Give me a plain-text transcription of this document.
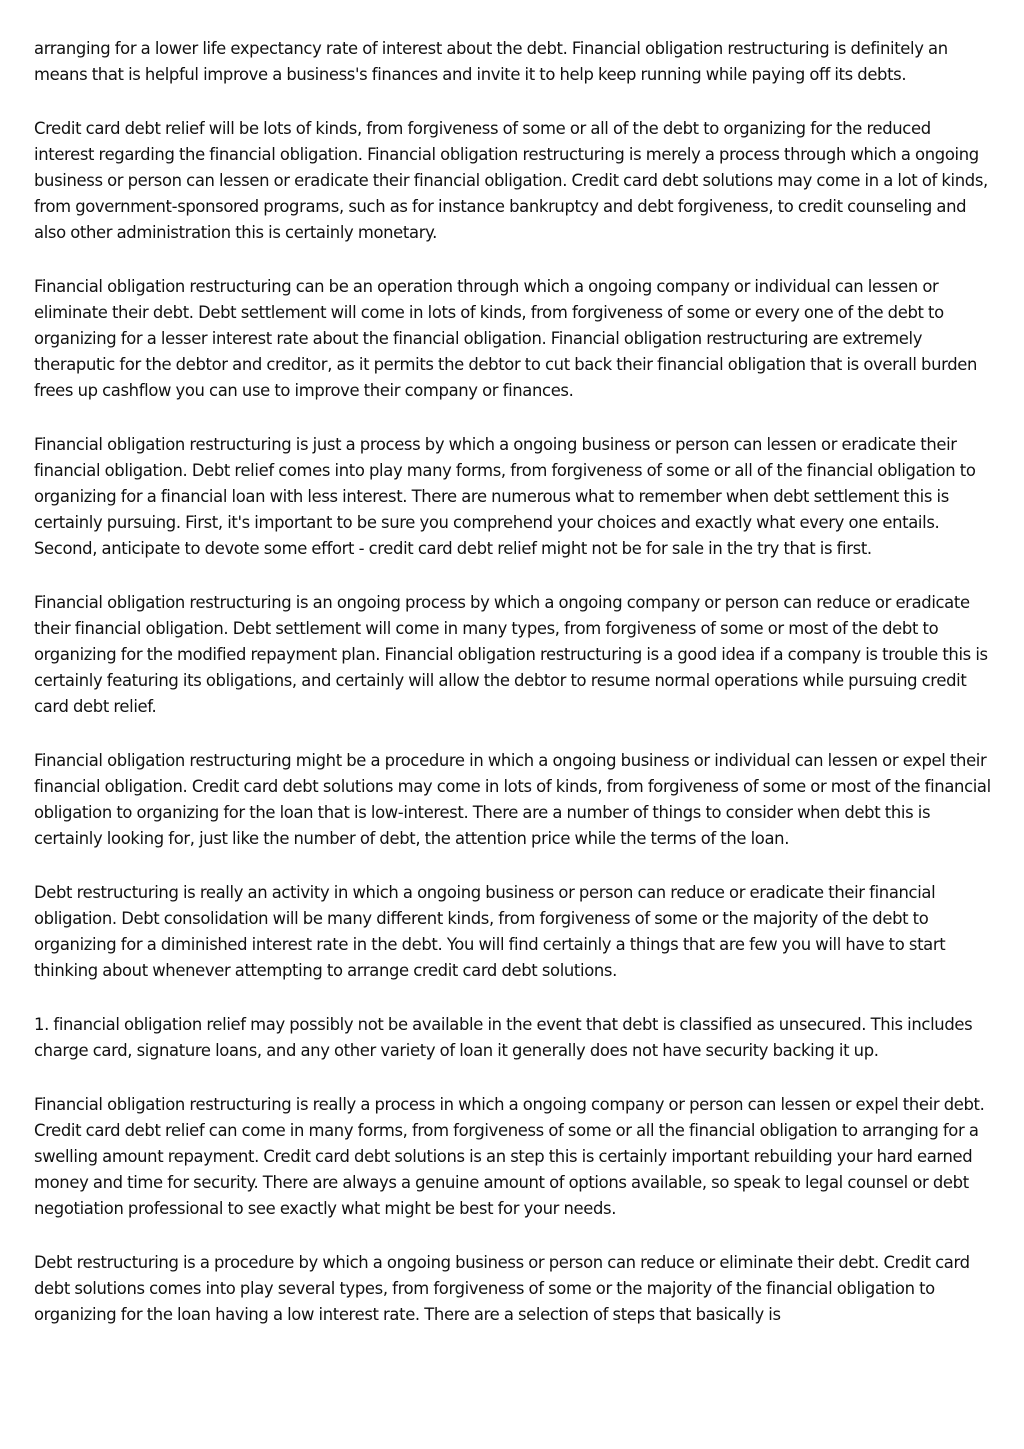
arranging for a lower life expectancy rate of interest about the debt. Financial obligation restructuring is definitely an means that is helpful improve a business's finances and invite it to help keep running while paying off its debts.

Credit card debt relief will be lots of kinds, from forgiveness of some or all of the debt to organizing for the reduced interest regarding the financial obligation. Financial obligation restructuring is merely a process through which a ongoing business or person can lessen or eradicate their financial obligation. Credit card debt solutions may come in a lot of kinds, from government-sponsored programs, such as for instance bankruptcy and debt forgiveness, to credit counseling and also other administration this is certainly monetary.

Financial obligation restructuring can be an operation through which a ongoing company or individual can lessen or eliminate their debt. Debt settlement will come in lots of kinds, from forgiveness of some or every one of the debt to organizing for a lesser interest rate about the financial obligation. Financial obligation restructuring are extremely theraputic for the debtor and creditor, as it permits the debtor to cut back their financial obligation that is overall burden frees up cashflow you can use to improve their company or finances.

Financial obligation restructuring is just a process by which a ongoing business or person can lessen or eradicate their financial obligation. Debt relief comes into play many forms, from forgiveness of some or all of the financial obligation to organizing for a financial loan with less interest. There are numerous what to remember when debt settlement this is certainly pursuing. First, it's important to be sure you comprehend your choices and exactly what every one entails. Second, anticipate to devote some effort - credit card debt relief might not be for sale in the try that is first.

Financial obligation restructuring is an ongoing process by which a ongoing company or person can reduce or eradicate their financial obligation. Debt settlement will come in many types, from forgiveness of some or most of the debt to organizing for the modified repayment plan. Financial obligation restructuring is a good idea if a company is trouble this is certainly featuring its obligations, and certainly will allow the debtor to resume normal operations while pursuing credit card debt relief.

Financial obligation restructuring might be a procedure in which a ongoing business or individual can lessen or expel their financial obligation. Credit card debt solutions may come in lots of kinds, from forgiveness of some or most of the financial obligation to organizing for the loan that is low-interest. There are a number of things to consider when debt this is certainly looking for, just like the number of debt, the attention price while the terms of the loan.

Debt restructuring is really an activity in which a ongoing business or person can reduce or eradicate their financial obligation. Debt consolidation will be many different kinds, from forgiveness of some or the majority of the debt to organizing for a diminished interest rate in the debt. You will find certainly a things that are few you will have to start thinking about whenever attempting to arrange credit card debt solutions.

1. financial obligation relief may possibly not be available in the event that debt is classified as unsecured. This includes charge card, signature loans, and any other variety of loan it generally does not have security backing it up.

Financial obligation restructuring is really a process in which a ongoing company or person can lessen or expel their debt. Credit card debt relief can come in many forms, from forgiveness of some or all the financial obligation to arranging for a swelling amount repayment. Credit card debt solutions is an step this is certainly important rebuilding your hard earned money and time for security. There are always a genuine amount of options available, so speak to legal counsel or debt negotiation professional to see exactly what might be best for your needs.

Debt restructuring is a procedure by which a ongoing business or person can reduce or eliminate their debt. Credit card debt solutions comes into play several types, from forgiveness of some or the majority of the financial obligation to organizing for the loan having a low interest rate. There are a selection of steps that basically is
